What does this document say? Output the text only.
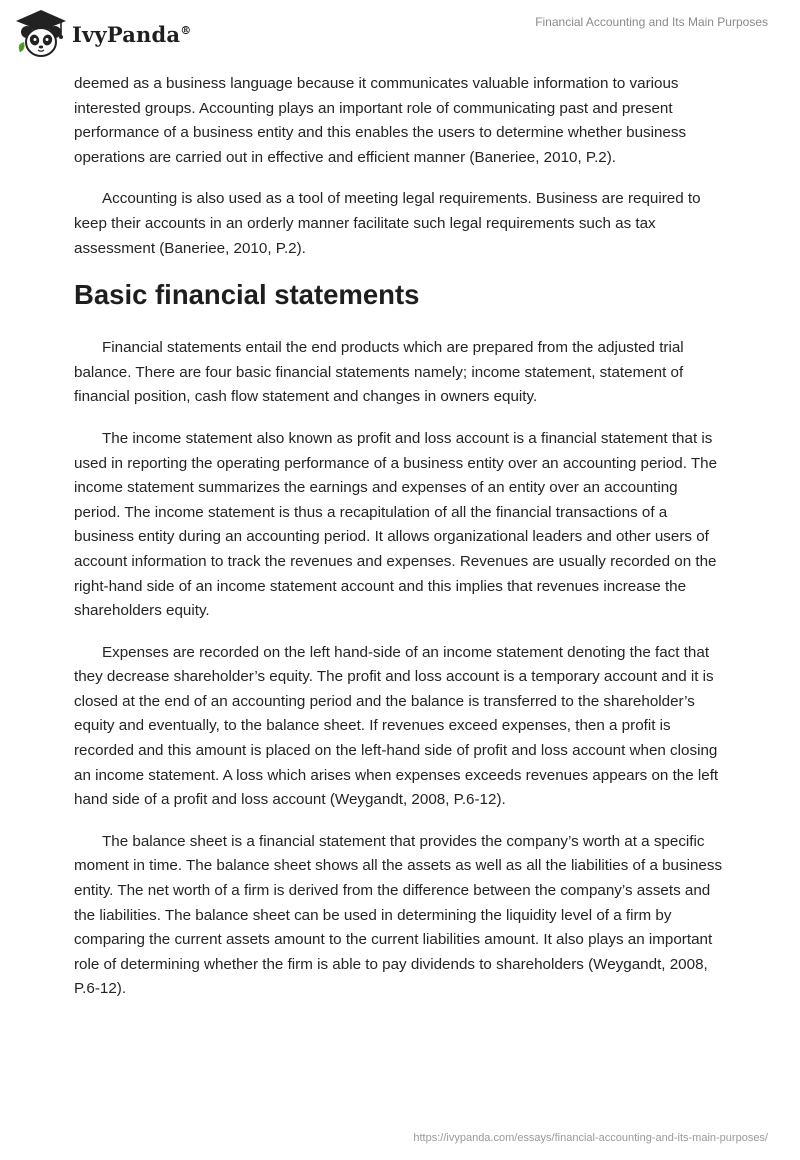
IvyPanda®
Financial Accounting and Its Main Purposes

deemed as a business language because it communicates valuable information to various interested groups. Accounting plays an important role of communicating past and present performance of a business entity and this enables the users to determine whether business operations are carried out in effective and efficient manner (Baneriee, 2010, P.2).

Accounting is also used as a tool of meeting legal requirements. Business are required to keep their accounts in an orderly manner facilitate such legal requirements such as tax assessment (Baneriee, 2010, P.2).

Basic financial statements

Financial statements entail the end products which are prepared from the adjusted trial balance. There are four basic financial statements namely; income statement, statement of financial position, cash flow statement and changes in owners equity.

The income statement also known as profit and loss account is a financial statement that is used in reporting the operating performance of a business entity over an accounting period. The income statement summarizes the earnings and expenses of an entity over an accounting period. The income statement is thus a recapitulation of all the financial transactions of a business entity during an accounting period. It allows organizational leaders and other users of account information to track the revenues and expenses. Revenues are usually recorded on the right-hand side of an income statement account and this implies that revenues increase the shareholders equity.

Expenses are recorded on the left hand-side of an income statement denoting the fact that they decrease shareholder’s equity. The profit and loss account is a temporary account and it is closed at the end of an accounting period and the balance is transferred to the shareholder’s equity and eventually, to the balance sheet. If revenues exceed expenses, then a profit is recorded and this amount is placed on the left-hand side of profit and loss account when closing an income statement. A loss which arises when expenses exceeds revenues appears on the left hand side of a profit and loss account (Weygandt, 2008, P.6-12).

The balance sheet is a financial statement that provides the company’s worth at a specific moment in time. The balance sheet shows all the assets as well as all the liabilities of a business entity. The net worth of a firm is derived from the difference between the company’s assets and the liabilities. The balance sheet can be used in determining the liquidity level of a firm by comparing the current assets amount to the current liabilities amount. It also plays an important role of determining whether the firm is able to pay dividends to shareholders (Weygandt, 2008, P.6-12).

https://ivypanda.com/essays/financial-accounting-and-its-main-purposes/
